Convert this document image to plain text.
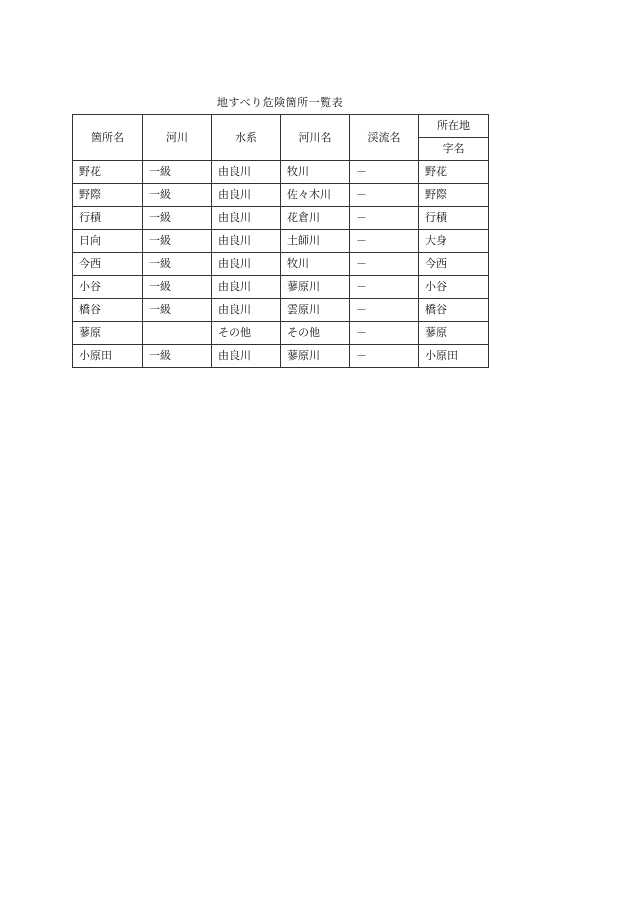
地すべり危険箇所一覧表
箇所名	河川	水系	河川名	渓流名	所在地
					字名
野花	一級	由良川	牧川	－	野花
野際	一級	由良川	佐々木川	－	野際
行積	一級	由良川	花倉川	－	行積
日向	一級	由良川	土師川	－	大身
今西	一級	由良川	牧川	－	今西
小谷	一級	由良川	蓼原川	－	小谷
橋谷	一級	由良川	雲原川	－	橋谷
蓼原		その他	その他	－	蓼原
小原田	一級	由良川	蓼原川	－	小原田
